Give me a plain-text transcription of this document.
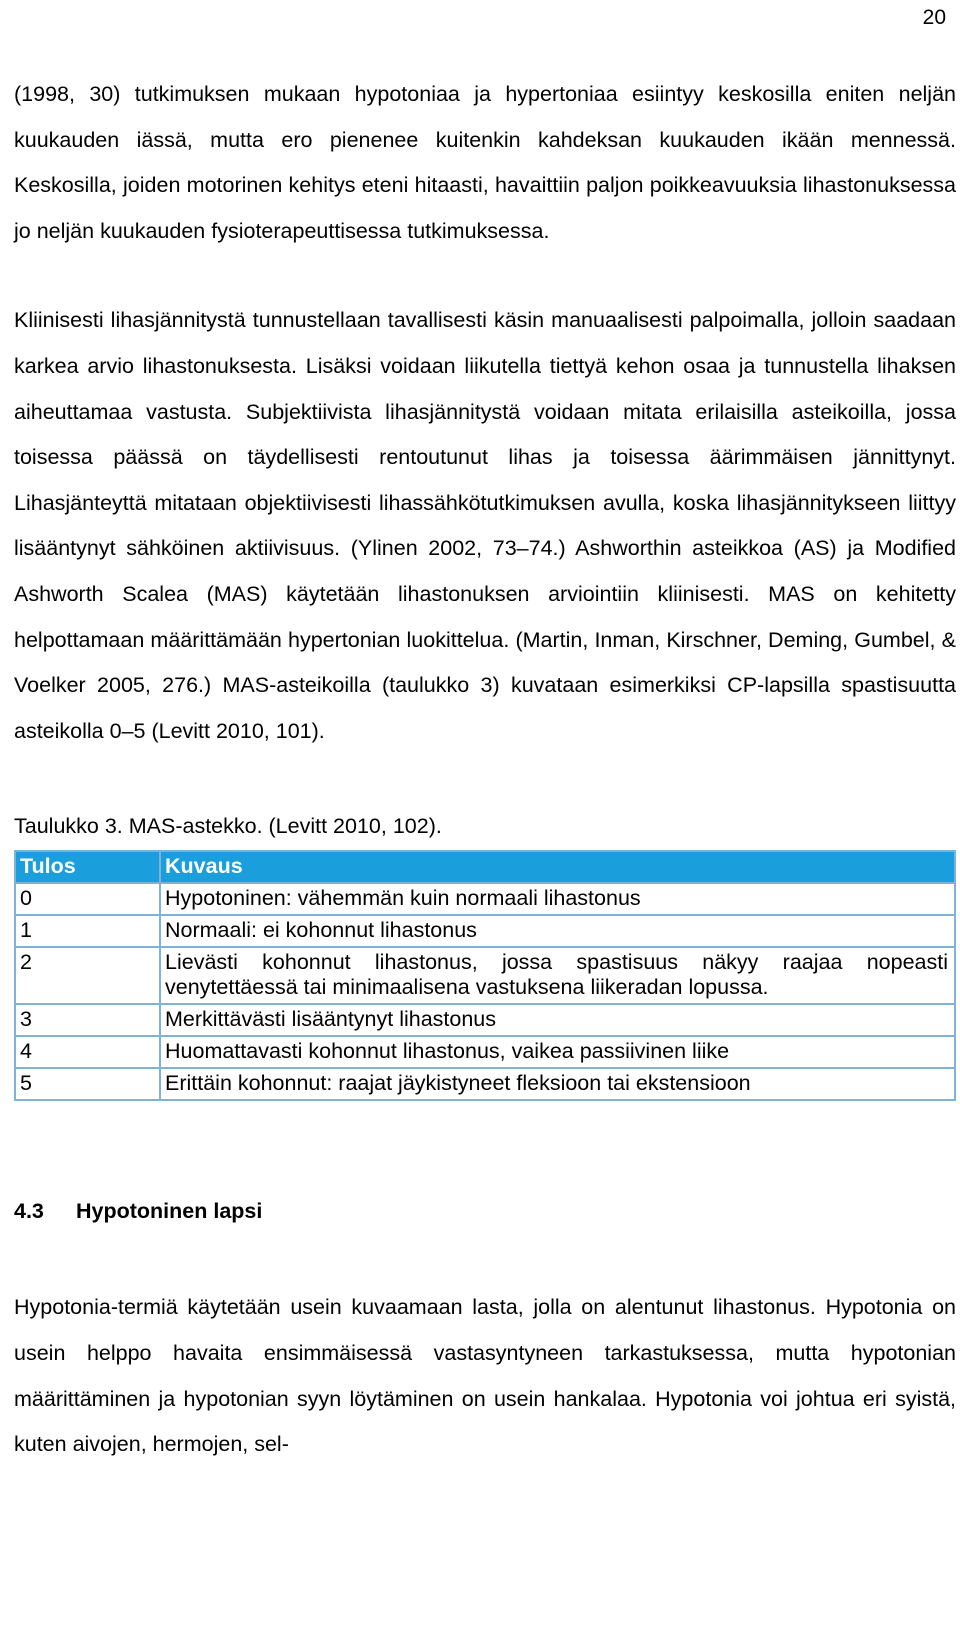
20

(1998, 30) tutkimuksen mukaan hypotoniaa ja hypertoniaa esiintyy keskosilla eniten neljän kuukauden iässä, mutta ero pienenee kuitenkin kahdeksan kuukauden ikään mennessä. Keskosilla, joiden motorinen kehitys eteni hitaasti, havaittiin paljon poikkeavuuksia lihastonuksessa jo neljän kuukauden fysioterapeuttisessa tutkimuksessa.

Kliinisesti lihasjännitystä tunnustellaan tavallisesti käsin manuaalisesti palpoimalla, jolloin saadaan karkea arvio lihastonuksesta. Lisäksi voidaan liikutella tiettyä kehon osaa ja tunnustella lihaksen aiheuttamaa vastusta. Subjektiivista lihasjännitystä voidaan mitata erilaisilla asteikoilla, jossa toisessa päässä on täydellisesti rentoutunut lihas ja toisessa äärimmäisen jännittynyt. Lihasjänteyttä mitataan objektiivisesti lihassähkötutkimuksen avulla, koska lihasjännitykseen liittyy lisääntynyt sähköinen aktiivisuus. (Ylinen 2002, 73–74.) Ashworthin asteikkoa (AS) ja Modified Ashworth Scalea (MAS) käytetään lihastonuksen arviointiin kliinisesti. MAS on kehitetty helpottamaan määrittämään hypertonian luokittelua. (Martin, Inman, Kirschner, Deming, Gumbel, & Voelker 2005, 276.) MAS-asteikoilla (taulukko 3) kuvataan esimerkiksi CP-lapsilla spastisuutta asteikolla 0–5 (Levitt 2010, 101).

Taulukko 3. MAS-astekko. (Levitt 2010, 102).
Tulos	Kuvaus
0	Hypotoninen: vähemmän kuin normaali lihastonus
1	Normaali: ei kohonnut lihastonus
2	Lievästi kohonnut lihastonus, jossa spastisuus näkyy raajaa nopeasti venytettäessä tai minimaalisena vastuksena liikeradan lopussa.
3	Merkittävästi lisääntynyt lihastonus
4	Huomattavasti kohonnut lihastonus, vaikea passiivinen liike
5	Erittäin kohonnut: raajat jäykistyneet fleksioon tai ekstensioon
4.3 Hypotoninen lapsi

Hypotonia-termiä käytetään usein kuvaamaan lasta, jolla on alentunut lihastonus. Hypotonia on usein helppo havaita ensimmäisessä vastasyntyneen tarkastuksessa, mutta hypotonian määrittäminen ja hypotonian syyn löytäminen on usein hankalaa. Hypotonia voi johtua eri syistä, kuten aivojen, hermojen, sel-
